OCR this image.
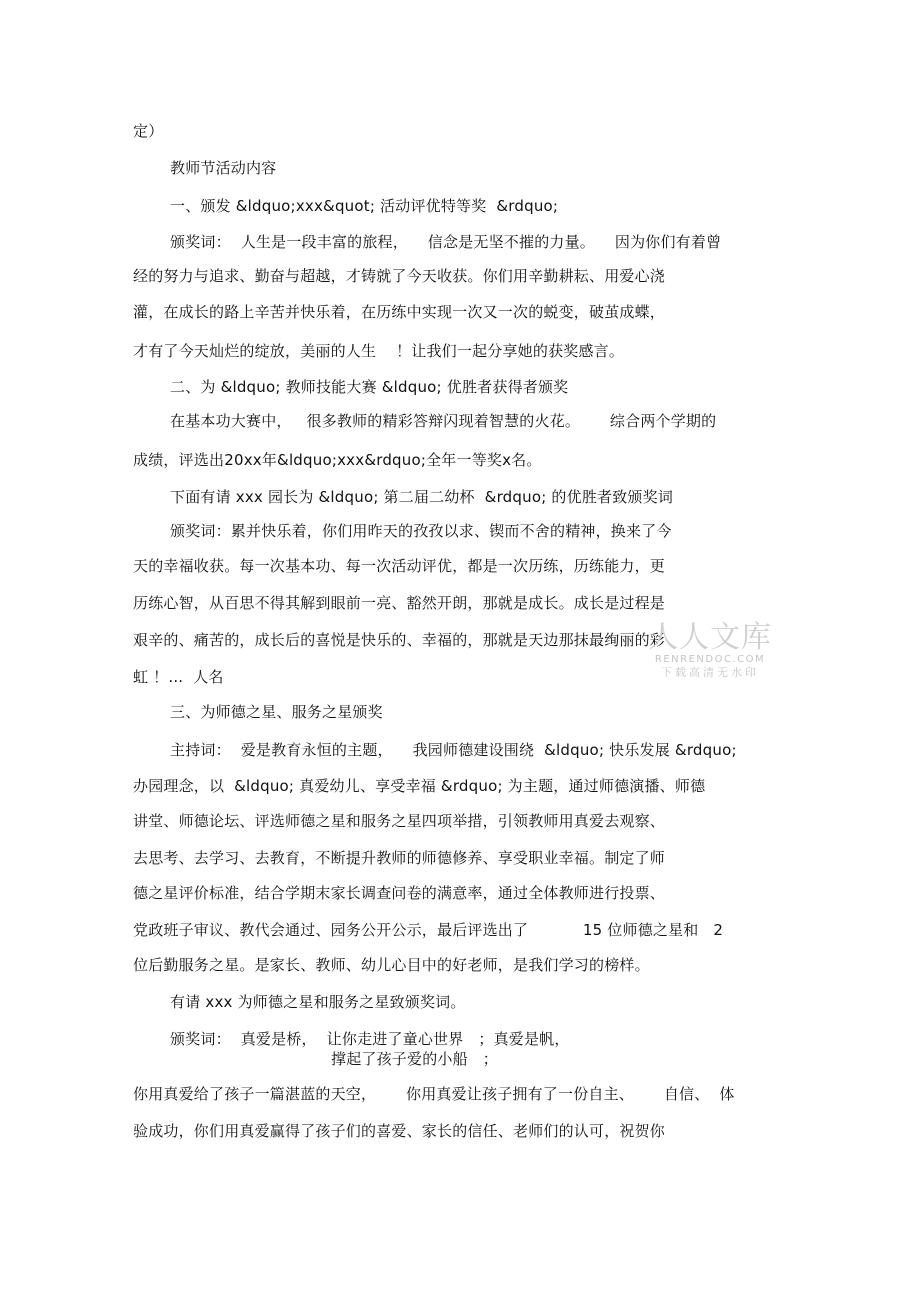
定）
教师节活动内容
一、颁发 &ldquo;xxx&quot; 活动评优特等奖  &rdquo;
颁奖词：  人生是一段丰富的旅程，    信念是无坚不摧的力量。    因为你们有着曾
经的努力与追求、勤奋与超越，才铸就了今天收获。你们用辛勤耕耘、用爱心浇
灌，在成长的路上辛苦并快乐着，在历练中实现一次又一次的蜕变，破茧成蝶，
才有了今天灿烂的绽放，美丽的人生    ！让我们一起分享她的获奖感言。
二、为 &ldquo; 教师技能大赛 &ldquo; 优胜者获得者颁奖
在基本功大赛中，   很多教师的精彩答辩闪现着智慧的火花。      综合两个学期的
成绩，评选出20xx年&ldquo;xxx&rdquo;全年一等奖x名。
下面有请 xxx 园长为 &ldquo; 第二届二幼杯  &rdquo; 的优胜者致颁奖词
颁奖词：累并快乐着，你们用昨天的孜孜以求、锲而不舍的精神，换来了今
天的幸福收获。每一次基本功、每一次活动评优，都是一次历练，历练能力，更
历练心智，从百思不得其解到眼前一亮、豁然开朗，那就是成长。成长是过程是
艰辛的、痛苦的，成长后的喜悦是快乐的、幸福的，那就是天边那抹最绚丽的彩
虹 ！...  人名
三、为师德之星、服务之星颁奖
主持词：  爱是教育永恒的主题，    我园师德建设围绕  &ldquo; 快乐发展 &rdquo;
办园理念，以  &ldquo; 真爱幼儿、享受幸福 &rdquo; 为主题，通过师德演播、师德
讲堂、师德论坛、评选师德之星和服务之星四项举措，引领教师用真爱去观察、
去思考、去学习、去教育，不断提升教师的师德修养、享受职业幸福。制定了师
德之星评价标准，结合学期末家长调查问卷的满意率，通过全体教师进行投票、
党政班子审议、教代会通过、园务公开公示，最后评选出了           15 位师德之星和   2
位后勤服务之星。是家长、教师、幼儿心目中的好老师，是我们学习的榜样。
有请 xxx 为师德之星和服务之星致颁奖词。
颁奖词：  真爱是桥，  让你走进了童心世界   ；真爱是帆，
撑起了孩子爱的小船   ；
你用真爱给了孩子一篇湛蓝的天空，      你用真爱让孩子拥有了一份自主、      自信、  体
验成功，你们用真爱赢得了孩子们的喜爱、家长的信任、老师们的认可，祝贺你
人人文库
RENRENDOC.COM
下载高清无水印
